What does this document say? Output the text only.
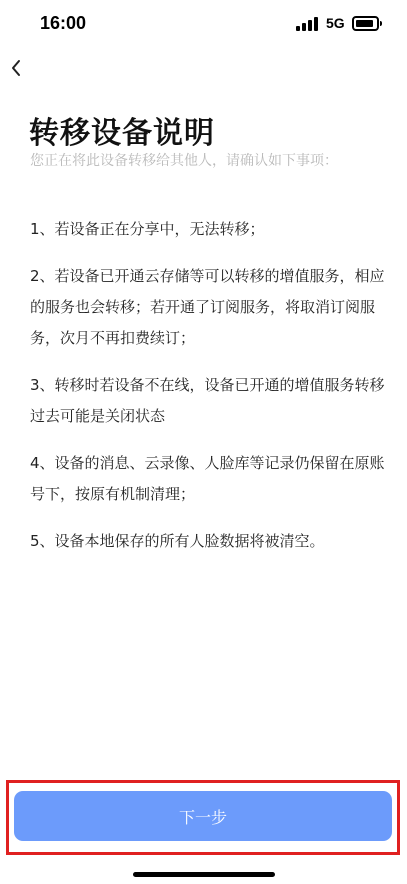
16:00	5G
转移设备说明

您正在将此设备转移给其他人，请确认如下事项：

1、若设备正在分享中，无法转移；

2、若设备已开通云存储等可以转移的增值服务，相应的服务也会转移；若开通了订阅服务，将取消订阅服务，次月不再扣费续订；

3、转移时若设备不在线，设备已开通的增值服务转移过去可能是关闭状态

4、设备的消息、云录像、人脸库等记录仍保留在原账号下，按原有机制清理；

5、设备本地保存的所有人脸数据将被清空。

下一步
